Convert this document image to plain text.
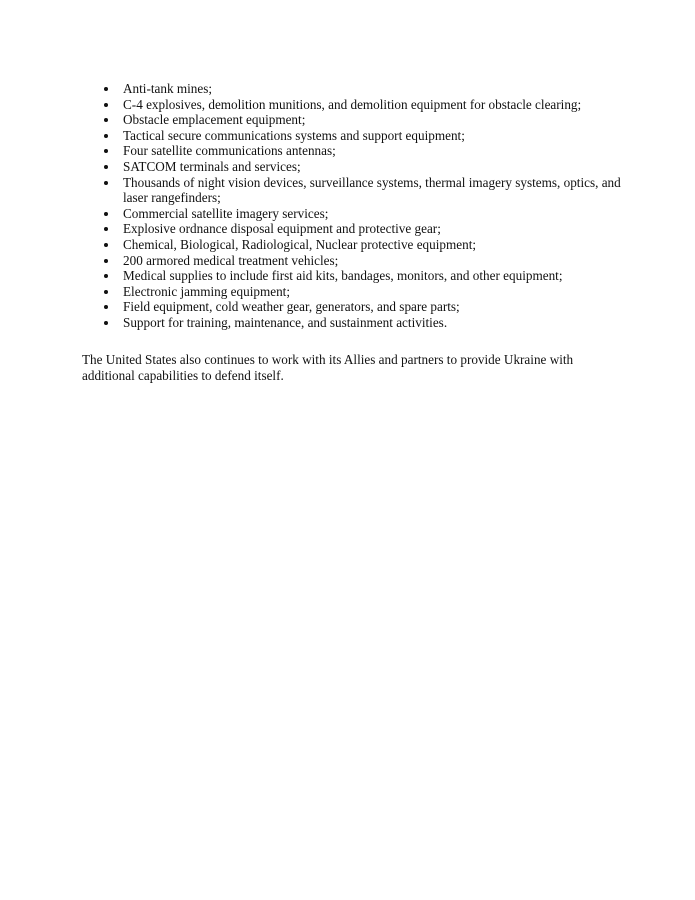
Anti-tank mines;
C-4 explosives, demolition munitions, and demolition equipment for obstacle clearing;
Obstacle emplacement equipment;
Tactical secure communications systems and support equipment;
Four satellite communications antennas;
SATCOM terminals and services;
Thousands of night vision devices, surveillance systems, thermal imagery systems, optics, and laser rangefinders;
Commercial satellite imagery services;
Explosive ordnance disposal equipment and protective gear;
Chemical, Biological, Radiological, Nuclear protective equipment;
200 armored medical treatment vehicles;
Medical supplies to include first aid kits, bandages, monitors, and other equipment;
Electronic jamming equipment;
Field equipment, cold weather gear, generators, and spare parts;
Support for training, maintenance, and sustainment activities.

The United States also continues to work with its Allies and partners to provide Ukraine with additional capabilities to defend itself.
